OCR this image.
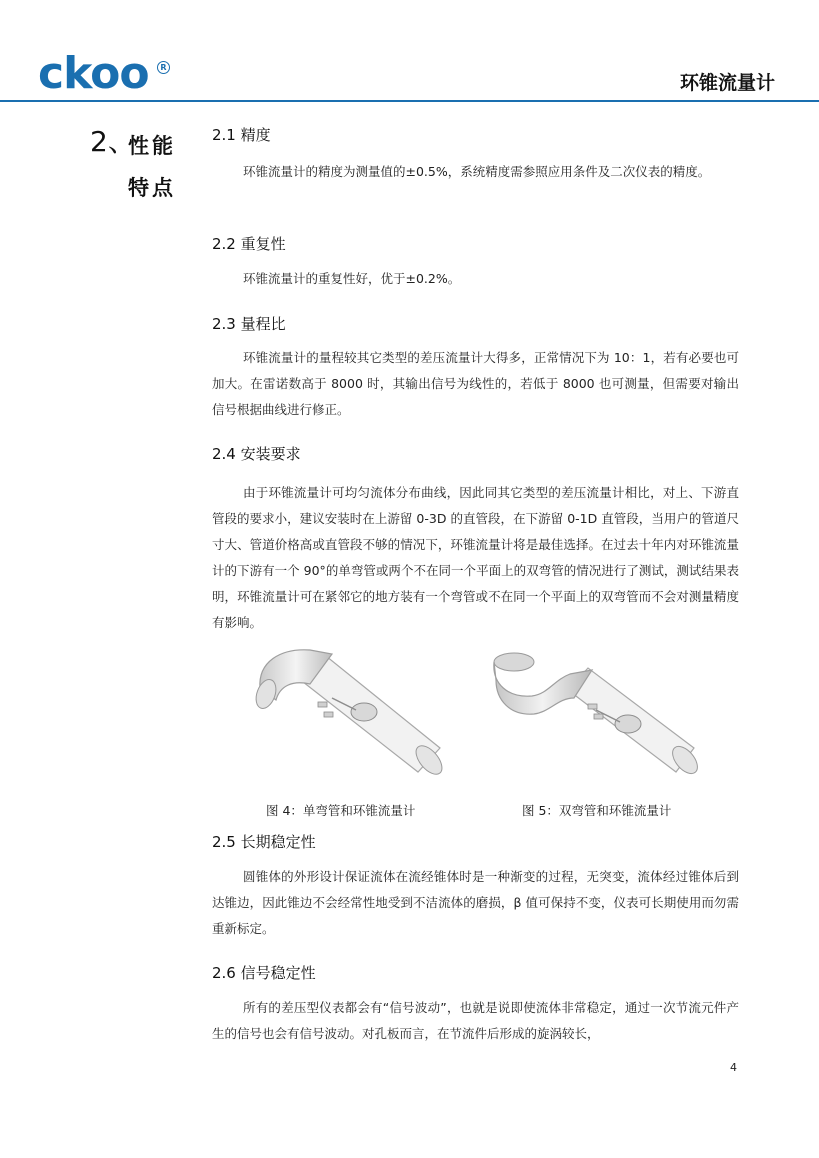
ckoo	R
环锥流量计
2、
性能
特点
2.1 精度

环锥流量计的精度为测量值的±0.5%，系统精度需参照应用条件及二次仪表的精度。

2.2 重复性

环锥流量计的重复性好，优于±0.2%。

2.3 量程比

环锥流量计的量程较其它类型的差压流量计大得多，正常情况下为 10：1，若有必要也可加大。在雷诺数高于 8000 时，其输出信号为线性的，若低于 8000 也可测量，但需要对输出信号根据曲线进行修正。

2.4 安装要求

由于环锥流量计可均匀流体分布曲线，因此同其它类型的差压流量计相比，对上、下游直管段的要求小，建议安装时在上游留 0-3D 的直管段，在下游留 0-1D 直管段，当用户的管道尺寸大、管道价格高或直管段不够的情况下，环锥流量计将是最佳选择。在过去十年内对环锥流量计的下游有一个 90°的单弯管或两个不在同一个平面上的双弯管的情况进行了测试，测试结果表明，环锥流量计可在紧邻它的地方装有一个弯管或不在同一个平面上的双弯管而不会对测量精度有影响。

2.5 长期稳定性

圆锥体的外形设计保证流体在流经锥体时是一种渐变的过程，无突变，流体经过锥体后到达锥边，因此锥边不会经常性地受到不洁流体的磨损，β 值可保持不变，仪表可长期使用而勿需重新标定。

2.6 信号稳定性

所有的差压型仪表都会有“信号波动”，也就是说即使流体非常稳定，通过一次节流元件产生的信号也会有信号波动。对孔板而言，在节流件后形成的旋涡较长，

图 4：单弯管和环锥流量计	图 5：双弯管和环锥流量计
4
